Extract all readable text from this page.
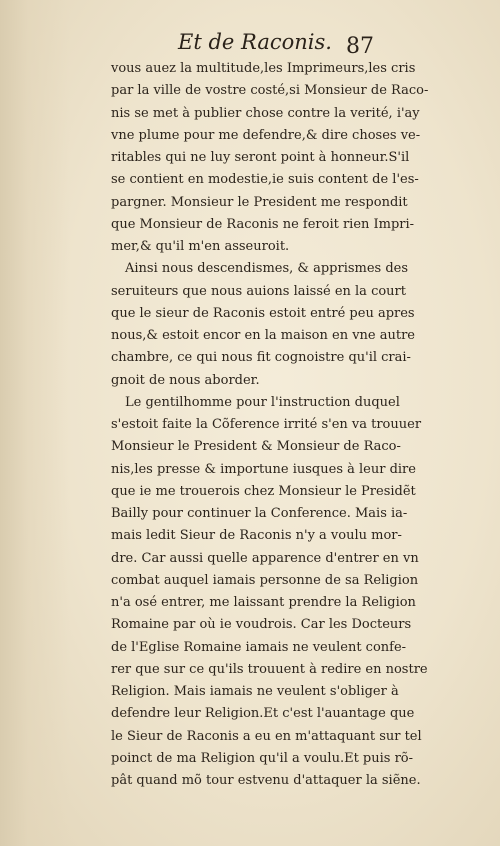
Et de Raconis. 87

vous auez la multitude,les Imprimeurs,les cris
par la ville de vostre costé,si Monsieur de Raco-
nis se met à publier chose contre la verité, i'ay
vne plume pour me defendre,& dire choses ve-
ritables qui ne luy seront point à honneur.S'il
se contient en modestie,ie suis content de l'es-
pargner. Monsieur le President me respondit
que Monsieur de Raconis ne feroit rien Impri-
mer,& qu'il m'en asseuroit.

Ainsi nous descendismes, & apprismes des
seruiteurs que nous auions laissé en la court
que le sieur de Raconis estoit entré peu apres
nous,& estoit encor en la maison en vne autre
chambre, ce qui nous fit cognoistre qu'il crai-
gnoit de nous aborder.

Le gentilhomme pour l'instruction duquel
s'estoit faite la Cõference irrité s'en va trouuer
Monsieur le President & Monsieur de Raco-
nis,les presse & importune iusques à leur dire
que ie me trouerois chez Monsieur le Presidẽt
Bailly pour continuer la Conference. Mais ia-
mais ledit Sieur de Raconis n'y a voulu mor-
dre. Car aussi quelle apparence d'entrer en vn
combat auquel iamais personne de sa Religion
n'a osé entrer, me laissant prendre la Religion
Romaine par où ie voudrois. Car les Docteurs
de l'Eglise Romaine iamais ne veulent confe-
rer que sur ce qu'ils trouuent à redire en nostre
Religion. Mais iamais ne veulent s'obliger à
defendre leur Religion.Et c'est l'auantage que
le Sieur de Raconis a eu en m'attaquant sur tel
poinct de ma Religion qu'il a voulu.Et puis rõ-
pât quand mõ tour estvenu d'attaquer la siẽne.
